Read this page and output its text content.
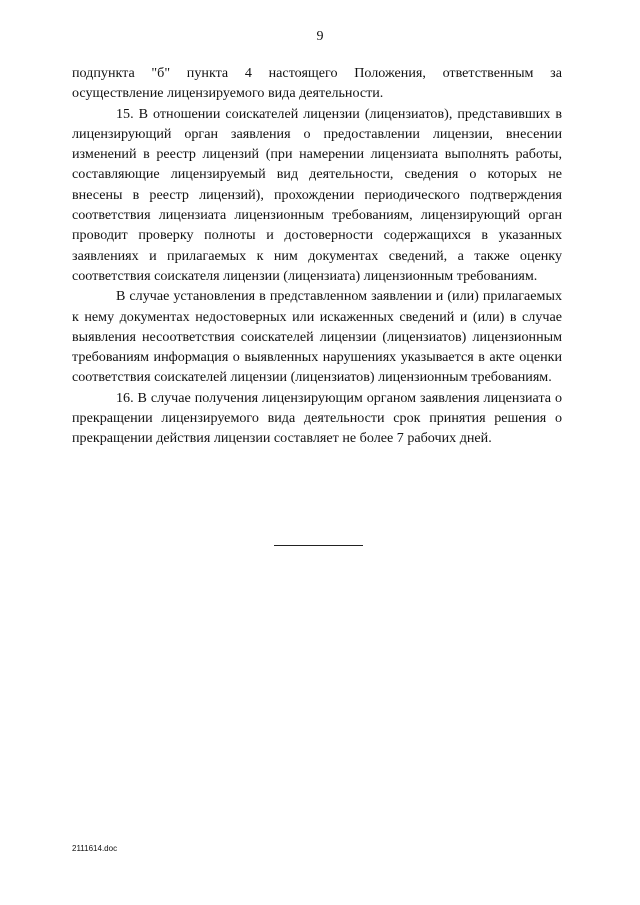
9

подпункта "б" пункта 4 настоящего Положения, ответственным за осуществление лицензируемого вида деятельности.

15. В отношении соискателей лицензии (лицензиатов), представивших в лицензирующий орган заявления о предоставлении лицензии, внесении изменений в реестр лицензий (при намерении лицензиата выполнять работы, составляющие лицензируемый вид деятельности, сведения о которых не внесены в реестр лицензий), прохождении периодического подтверждения соответствия лицензиата лицензионным требованиям, лицензирующий орган проводит проверку полноты и достоверности содержащихся в указанных заявлениях и прилагаемых к ним документах сведений, а также оценку соответствия соискателя лицензии (лицензиата) лицензионным требованиям.

В случае установления в представленном заявлении и (или) прилагаемых к нему документах недостоверных или искаженных сведений и (или) в случае выявления несоответствия соискателей лицензии (лицензиатов) лицензионным требованиям информация о выявленных нарушениях указывается в акте оценки соответствия соискателей лицензии (лицензиатов) лицензионным требованиям.

16. В случае получения лицензирующим органом заявления лицензиата о прекращении лицензируемого вида деятельности срок принятия решения о прекращении действия лицензии составляет не более 7 рабочих дней.

2111614.doc
